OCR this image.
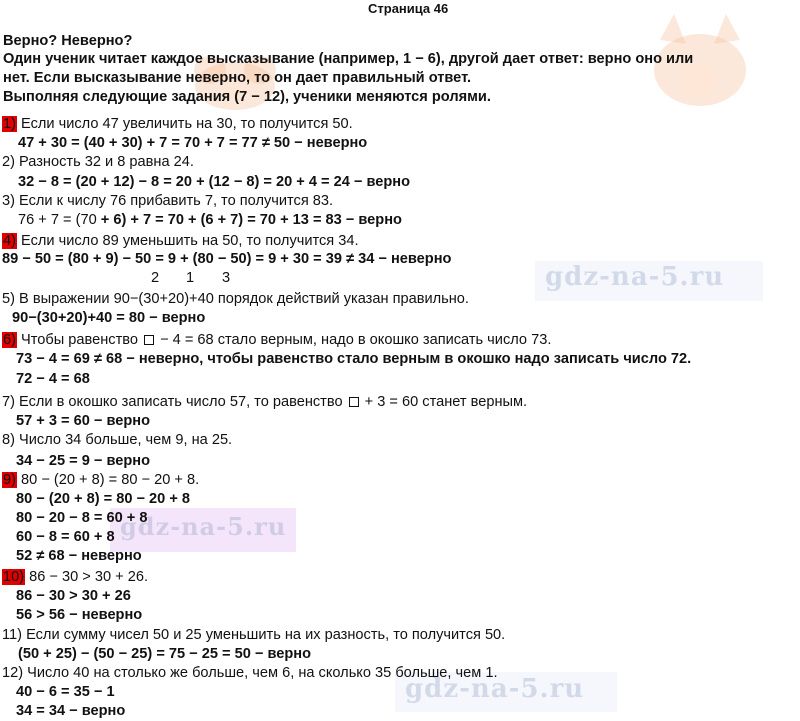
gdz-na-5.ru
gdz-na-5.ru
gdz-na-5.ru
Страница 46
Верно? Неверно?
Один ученик читает каждое высказывание (например, 1 − 6), другой дает ответ: верно оно или
нет. Если высказывание неверно, то он дает правильный ответ.
Выполняя следующие задания (7 − 12), ученики меняются ролями.
1) Если число 47 увеличить на 30, то получится 50.
47 + 30 = (40 + 30) + 7 = 70 + 7 = 77 ≠ 50 − неверно
2) Разность 32 и 8 равна 24.
32 − 8 = (20 + 12) − 8 = 20 + (12 − 8) = 20 + 4 = 24 − верно
3) Если к числу 76 прибавить 7, то получится 83.
76 + 7 = (70 + 6) + 7 = 70 + (6 + 7) = 70 + 13 = 83 − верно
4) Если число 89 уменьшить на 50, то получится 34.
89 − 50 = (80 + 9) − 50 = 9 + (80 − 50) = 9 + 30 = 39 ≠ 34 − неверно
2 1 3
5) В выражении 90−(30+20)+40 порядок действий указан правильно.
90−(30+20)+40 = 80 − верно
6) Чтобы равенство  − 4 = 68 стало верным, надо в окошко записать число 73.
73 − 4 = 69 ≠ 68 − неверно, чтобы равенство стало верным в окошко надо записать число 72.
72 − 4 = 68
7) Если в окошко записать число 57, то равенство  + 3 = 60 станет верным.
57 + 3 = 60 − верно
8) Число 34 больше, чем 9, на 25.
34 − 25 = 9 − верно
9) 80 − (20 + 8) = 80 − 20 + 8.
80 − (20 + 8) = 80 − 20 + 8
80 − 20 − 8 = 60 + 8
60 − 8 = 60 + 8
52 ≠ 68 − неверно
10) 86 − 30 > 30 + 26.
86 − 30 > 30 + 26
56 > 56 − неверно
11) Если сумму чисел 50 и 25 уменьшить на их разность, то получится 50.
(50 + 25) − (50 − 25) = 75 − 25 = 50 − верно
12) Число 40 на столько же больше, чем 6, на сколько 35 больше, чем 1.
40 − 6 = 35 − 1
34 = 34 − верно
